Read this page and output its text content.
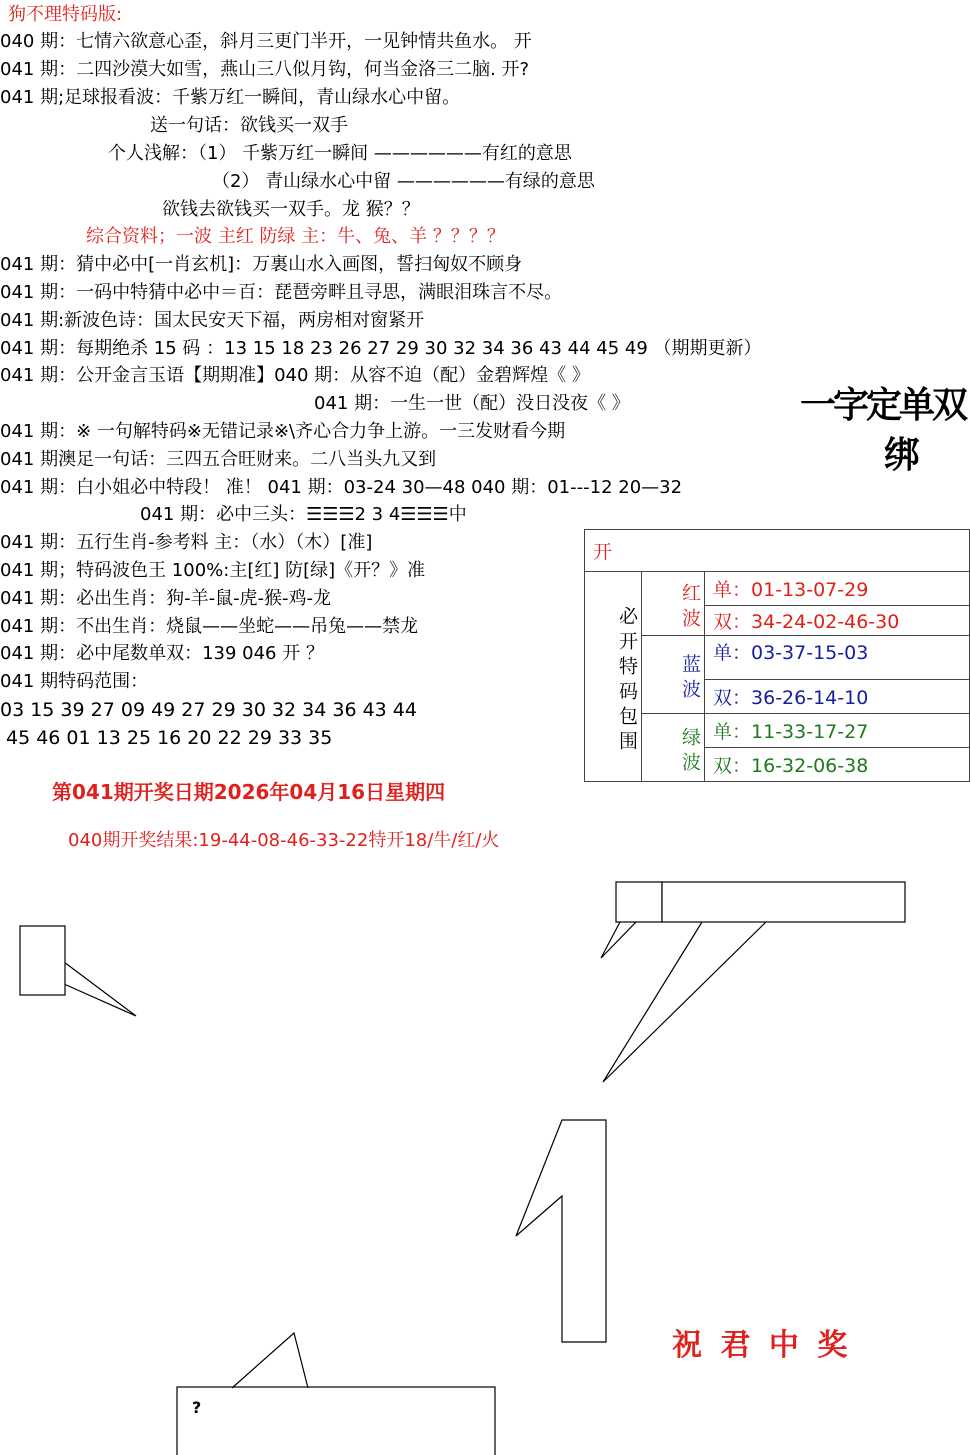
狗不理特码版:
040 期：七情六欲意心歪，斜月三更门半开，一见钟情共鱼水。 开
041 期：二四沙漠大如雪，燕山三八似月钩，何当金洛三二脑. 开?
041 期;足球报看波：千紫万红一瞬间，青山绿水心中留。
送一句话：欲钱买一双手
个人浅解：（1） 千紫万红一瞬间 ——————有红的意思
（2） 青山绿水心中留 ——————有绿的意思
欲钱去欲钱买一双手。龙 猴？？
综合资料；一波 主红 防绿 主：牛、兔、羊 ？？？？
041 期：猜中必中[一肖玄机]：万裏山水入画图，誓扫匈奴不顾身
041 期：一码中特猜中必中＝百：琵琶旁畔且寻思，满眼泪珠言不尽。
041 期:新波色诗：国太民安天下福，两房相对窗紧开
041 期：每期绝杀 15 码 ：13 15 18 23 26 27 29 30 32 34 36 43 44 45 49 （期期更新）
041 期：公开金言玉语【期期准】040 期：从容不迫（配）金碧辉煌《 》
041 期：一生一世（配）没日没夜《 》
041 期：※ 一句解特码※无错记录※\齐心合力争上游。一三发财看今期
041 期澳足一句话：三四五合旺财来。二八当头九又到
041 期：白小姐必中特段！ 准！ 041 期：03-24 30—48 040 期：01---12 20—32
041 期：必中三头：☰☰☰2 3 4☰☰☰中
041 期：五行生肖-参考料 主：（水）（木）[准]
041 期；特码波色王 100%:主[红] 防[绿]《开？》准
041 期：必出生肖：狗-羊-鼠-虎-猴-鸡-龙
041 期：不出生肖：烧鼠——坐蛇——吊兔——禁龙
041 期：必中尾数单双：139 046 开 ？
041 期特码范围：
03 15 39 27 09 49 27 29 30 32 34 36 43 44
45 46 01 13 25 16 20 22 29 33 35
一字定单双
绑
开		
必开特码包围	红波	单：01-13-07-29
		双：34-24-02-46-30
	蓝波	单：03-37-15-03
		双：36-26-14-10
	绿波	单：11-33-17-27
		双：16-32-06-38
第041期开奖日期2026年04月16日星期四
040期开奖结果:19-44-08-46-33-22特开18/牛/红/火
?
祝 君 中 奖
